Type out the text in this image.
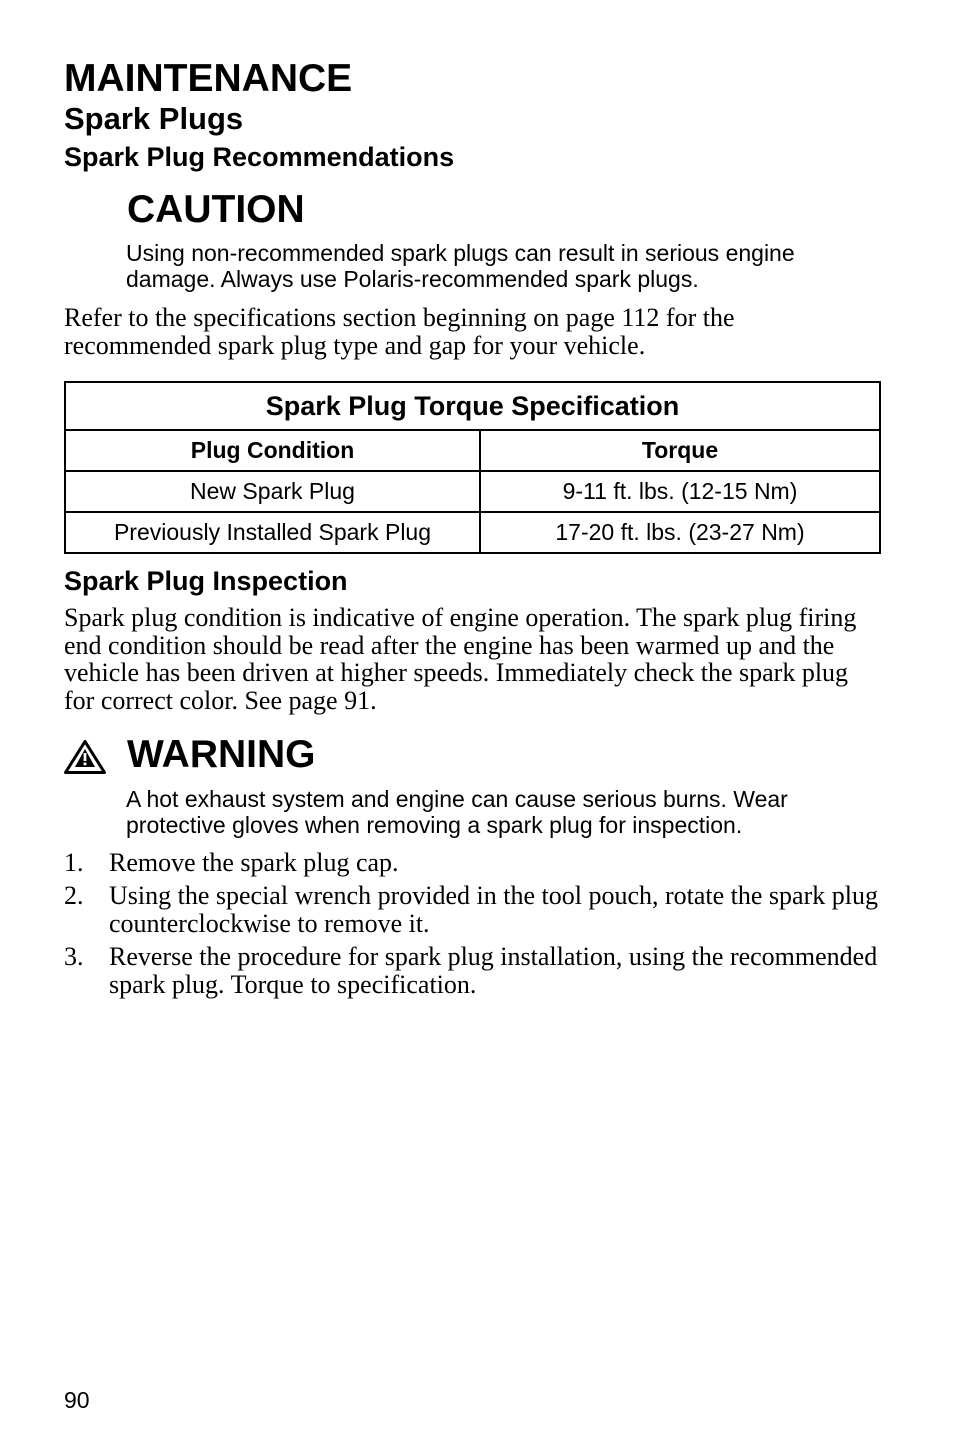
MAINTENANCE
Spark Plugs
Spark Plug Recommendations
CAUTION

Using non-recommended spark plugs can result in serious engine damage. Always use Polaris-recommended spark plugs.

Refer to the specifications section beginning on page 112 for the recommended spark plug type and gap for your vehicle.

Spark Plug Torque Specification	
Plug Condition	Torque
New Spark Plug	9-11 ft. lbs. (12-15 Nm)
Previously Installed Spark Plug	17-20 ft. lbs. (23-27 Nm)
Spark Plug Inspection

Spark plug condition is indicative of engine operation. The spark plug firing end condition should be read after the engine has been warmed up and the vehicle has been driven at higher speeds. Immediately check the spark plug for correct color. See page 91.

WARNING

A hot exhaust system and engine can cause serious burns. Wear protective gloves when removing a spark plug for inspection.

1. Remove the spark plug cap.
2. Using the special wrench provided in the tool pouch, rotate the spark plug counterclockwise to remove it.
3. Reverse the procedure for spark plug installation, using the recommended spark plug. Torque to specification.
90
